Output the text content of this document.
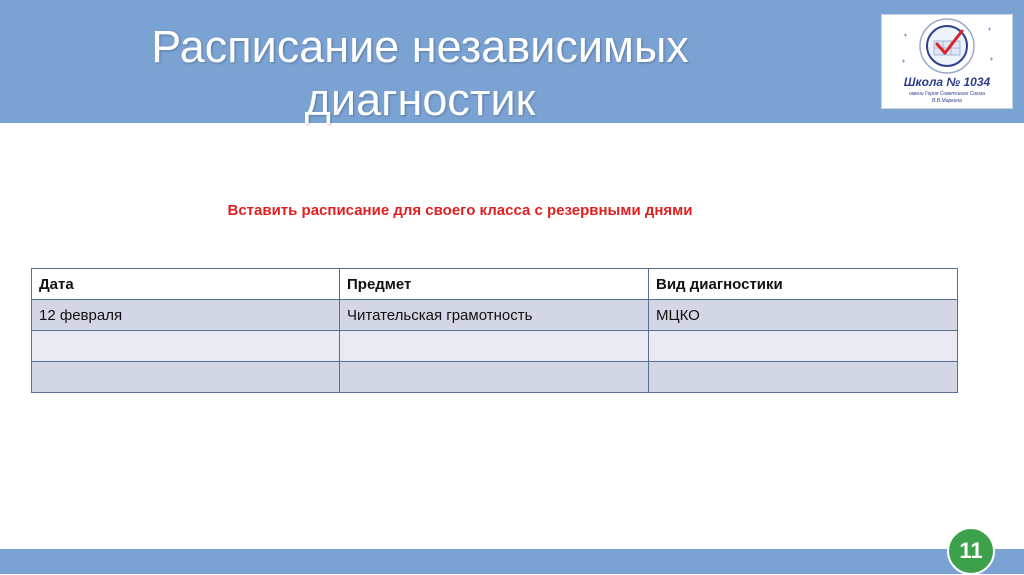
Расписание независимых диагностик	Школа № 1034
имени Героя Советского Союза
В.В.Маркина
Вставить расписание для своего класса с резервными днями
Дата	Предмет	Вид диагностики
12 февраля	Читательская грамотность	МЦКО

11
